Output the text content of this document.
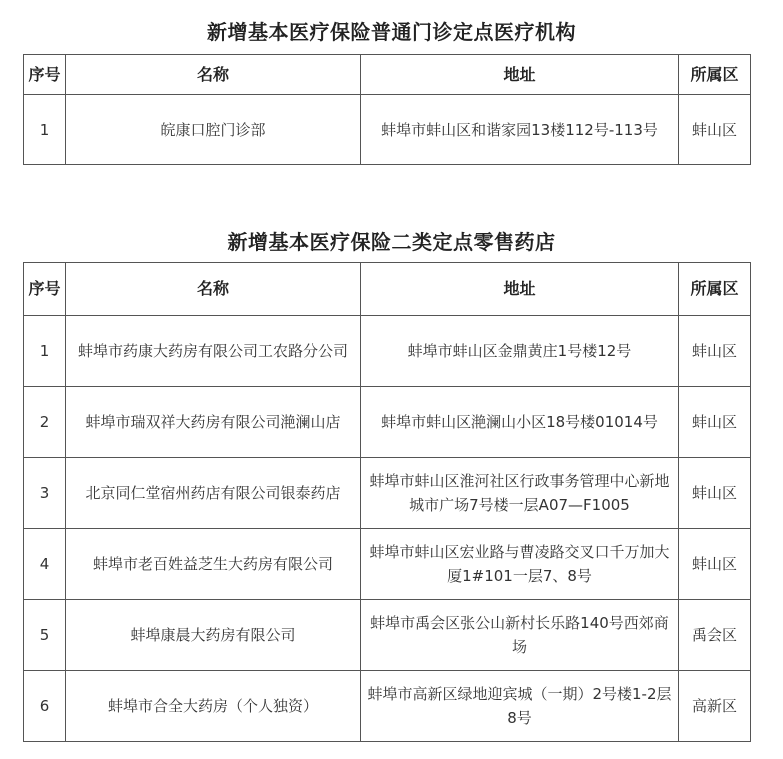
新增基本医疗保险普通门诊定点医疗机构
序号	名称	地址	所属区
1	皖康口腔门诊部	蚌埠市蚌山区和谐家园13楼112号-113号	蚌山区
新增基本医疗保险二类定点零售药店
序号	名称	地址	所属区
1	蚌埠市药康大药房有限公司工农路分公司	蚌埠市蚌山区金鼎黄庄1号楼12号	蚌山区
2	蚌埠市瑞双祥大药房有限公司滟澜山店	蚌埠市蚌山区滟澜山小区18号楼01014号	蚌山区
3	北京同仁堂宿州药店有限公司银泰药店	蚌埠市蚌山区淮河社区行政事务管理中心新地城市广场7号楼一层A07—F1005	蚌山区
4	蚌埠市老百姓益芝生大药房有限公司	蚌埠市蚌山区宏业路与曹凌路交叉口千万加大厦1#101一层7、8号	蚌山区
5	蚌埠康晨大药房有限公司	蚌埠市禹会区张公山新村长乐路140号西郊商场	禹会区
6	蚌埠市合全大药房（个人独资）	蚌埠市高新区绿地迎宾城（一期）2号楼1-2层8号	高新区
